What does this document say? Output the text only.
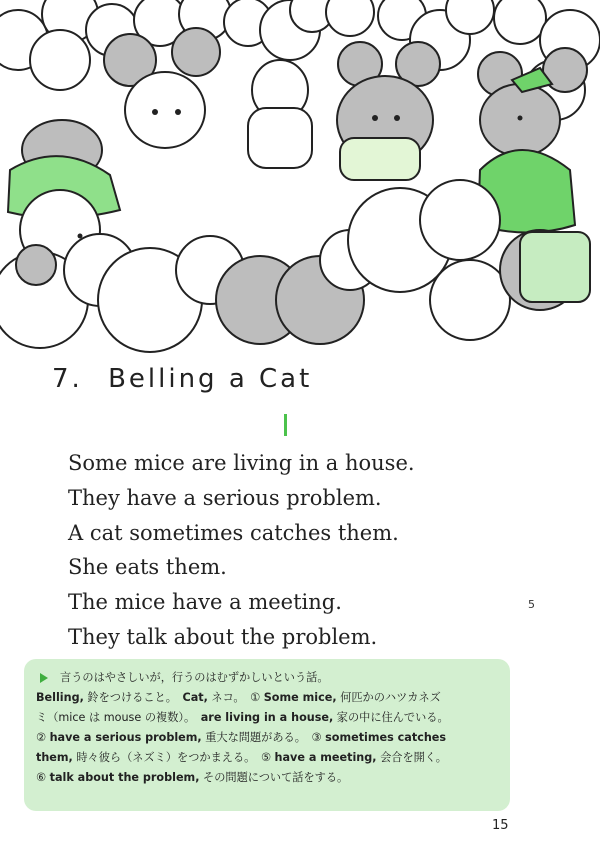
7. Belling a Cat
Some mice are living in a house.
They have a serious problem.
A cat sometimes catches them.
She eats them.
The mice have a meeting.
They talk about the problem.
5
言うのはやさしいが，行うのはむずかしいという話。

Belling, 鈴をつけること。　Cat, ネコ。　① Some mice, 何匹かのハツカネズ

ミ（mice は mouse の複数）。　are living in a house, 家の中に住んでいる。

② have a serious problem, 重大な問題がある。　③ sometimes catches

them, 時々彼ら（ネズミ）をつかまえる。　⑤ have a meeting, 会合を開く。

⑥ talk about the problem, その問題について話をする。

15
